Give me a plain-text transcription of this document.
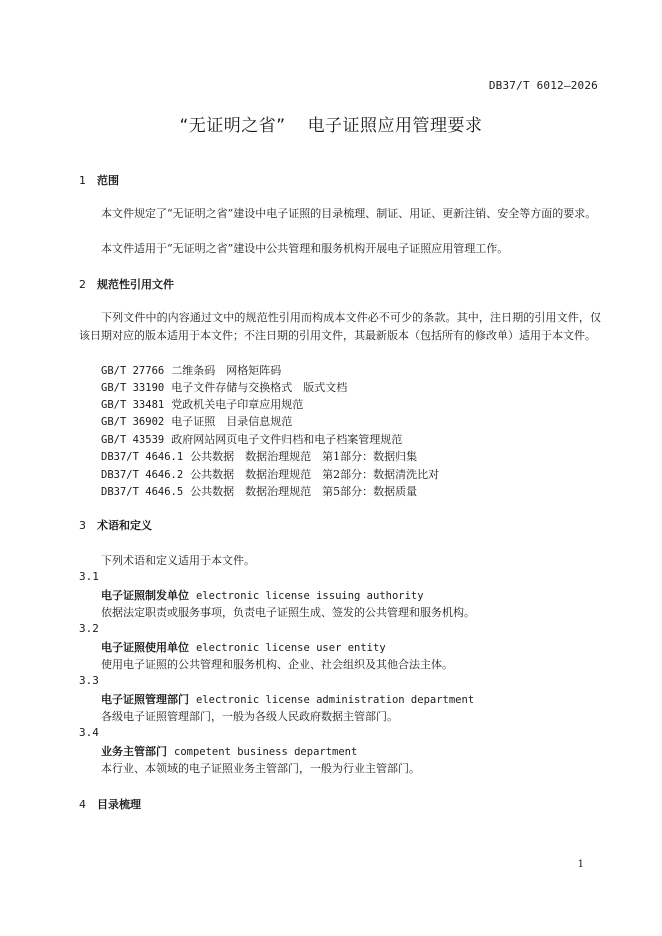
DB37/T 6012—2026
“无证明之省” 电子证照应用管理要求
1 范围
本文件规定了“无证明之省”建设中电子证照的目录梳理、制证、用证、更新注销、安全等方面的要求。
本文件适用于“无证明之省”建设中公共管理和服务机构开展电子证照应用管理工作。
2 规范性引用文件
下列文件中的内容通过文中的规范性引用而构成本文件必不可少的条款。其中，注日期的引用文件，仅该日期对应的版本适用于本文件；不注日期的引用文件，其最新版本（包括所有的修改单）适用于本文件。
GB/T 27766 二维条码　网格矩阵码
GB/T 33190 电子文件存储与交换格式　版式文档
GB/T 33481 党政机关电子印章应用规范
GB/T 36902 电子证照　目录信息规范
GB/T 43539 政府网站网页电子文件归档和电子档案管理规范
DB37/T 4646.1 公共数据　数据治理规范　第1部分：数据归集
DB37/T 4646.2 公共数据　数据治理规范　第2部分：数据清洗比对
DB37/T 4646.5 公共数据　数据治理规范　第5部分：数据质量
3 术语和定义
下列术语和定义适用于本文件。
3.1
电子证照制发单位 electronic license issuing authority
依据法定职责或服务事项，负责电子证照生成、签发的公共管理和服务机构。
3.2
电子证照使用单位 electronic license user entity
使用电子证照的公共管理和服务机构、企业、社会组织及其他合法主体。
3.3
电子证照管理部门 electronic license administration department
各级电子证照管理部门，一般为各级人民政府数据主管部门。
3.4
业务主管部门 competent business department
本行业、本领域的电子证照业务主管部门，一般为行业主管部门。
4 目录梳理
1
